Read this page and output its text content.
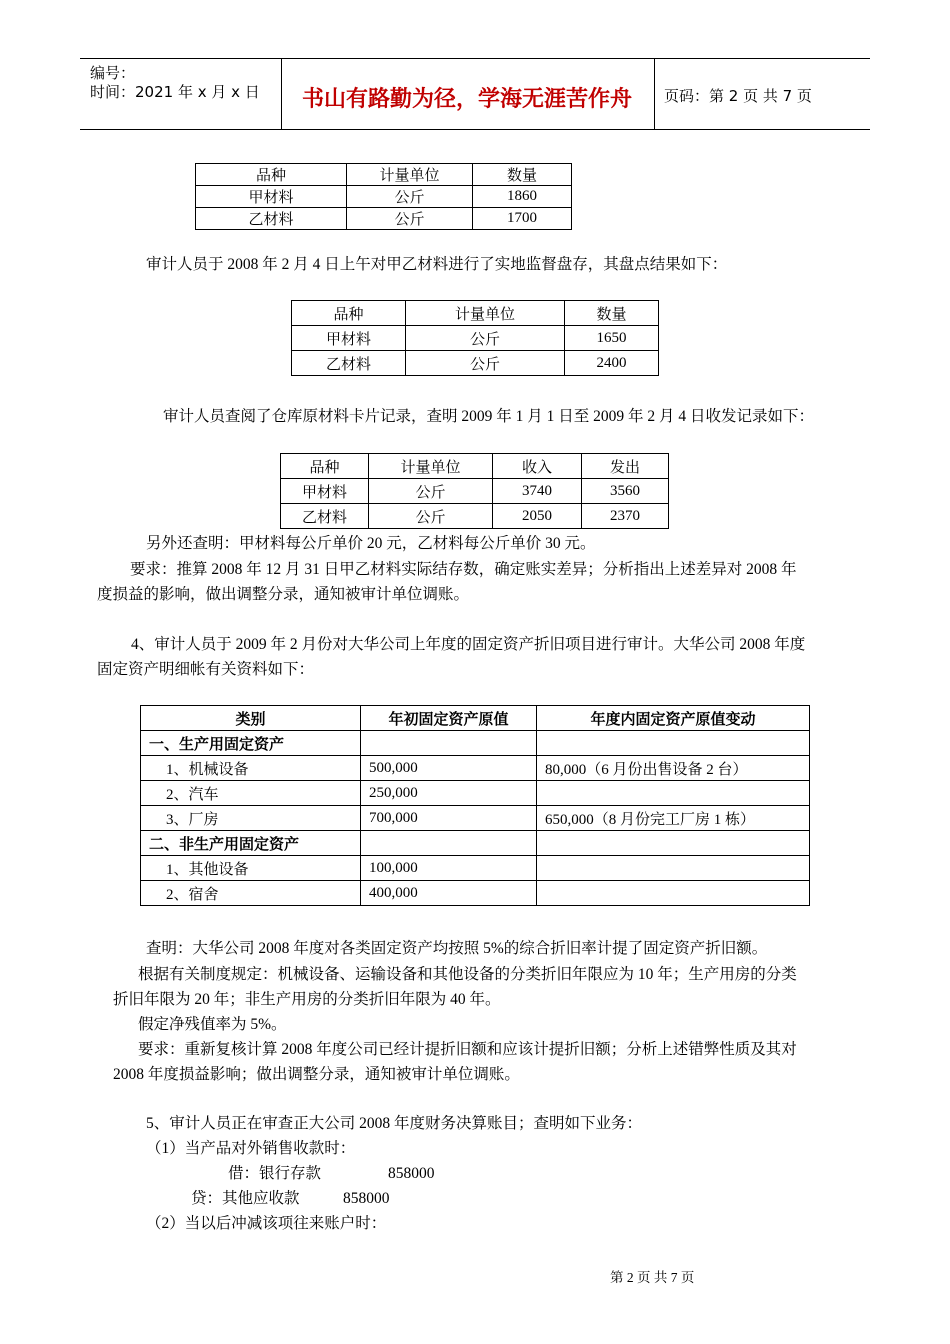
编号：
时间：2021 年 x 月 x 日 书山有路勤为径，学海无涯苦作舟	页码：第 2 页 共 7 页
品种	计量单位	数量
甲材料	公斤	1860
乙材料	公斤	1700
审计人员于 2008 年 2 月 4 日上午对甲乙材料进行了实地监督盘存，其盘点结果如下：
品种	计量单位	数量
甲材料	公斤	1650
乙材料	公斤	2400
审计人员查阅了仓库原材料卡片记录，查明 2009 年 1 月 1 日至 2009 年 2 月 4 日收发记录如下：
品种	计量单位	收入	发出
甲材料	公斤	3740	3560
乙材料	公斤	2050	2370
另外还查明：甲材料每公斤单价 20 元，乙材料每公斤单价 30 元。
要求：推算 2008 年 12 月 31 日甲乙材料实际结存数，确定账实差异；分析指出上述差异对 2008 年
度损益的影响，做出调整分录，通知被审计单位调账。
4、审计人员于 2009 年 2 月份对大华公司上年度的固定资产折旧项目进行审计。大华公司 2008 年度
固定资产明细帐有关资料如下：
类别	年初固定资产原值	年度内固定资产原值变动
一、生产用固定资产		
1、机械设备	500,000	80,000（6 月份出售设备 2 台）
2、汽车	250,000	
3、厂房	700,000	650,000（8 月份完工厂房 1 栋）
二、非生产用固定资产		
1、其他设备	100,000	
2、宿舍	400,000	
查明：大华公司 2008 年度对各类固定资产均按照 5%的综合折旧率计提了固定资产折旧额。
根据有关制度规定：机械设备、运输设备和其他设备的分类折旧年限应为 10 年；生产用房的分类
折旧年限为 20 年；非生产用房的分类折旧年限为 40 年。
假定净残值率为 5%。
要求：重新复核计算 2008 年度公司已经计提折旧额和应该计提折旧额；分析上述错弊性质及其对
2008 年度损益影响；做出调整分录，通知被审计单位调账。
5、审计人员正在审查正大公司 2008 年度财务决算账目；查明如下业务：
（1）当产品对外销售收款时：
借：银行存款	858000
贷：其他应收款	858000
（2）当以后冲减该项往来账户时：
第 2 页 共 7 页
